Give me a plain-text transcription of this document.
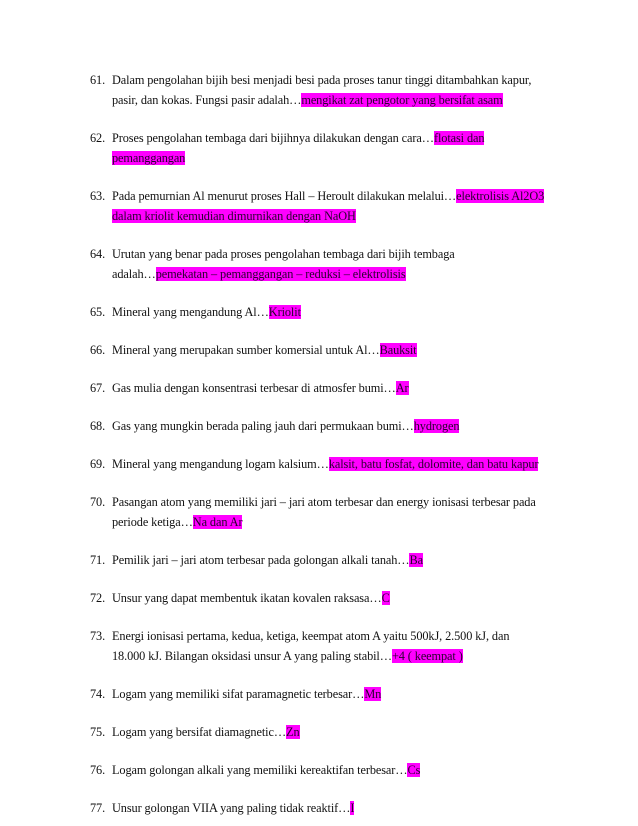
61. Dalam pengolahan bijih besi menjadi besi pada proses tanur tinggi ditambahkan kapur,
pasir, dan kokas. Fungsi pasir adalah…mengikat zat pengotor yang bersifat asam
62. Proses pengolahan tembaga dari bijihnya dilakukan dengan cara…flotasi dan
pemanggangan
63. Pada pemurnian Al menurut proses Hall – Heroult dilakukan melalui…elektrolisis Al2O3
dalam kriolit kemudian dimurnikan dengan NaOH
64. Urutan yang benar pada proses pengolahan tembaga dari bijih tembaga
adalah…pemekatan – pemanggangan – reduksi – elektrolisis
65. Mineral yang mengandung Al…Kriolit
66. Mineral yang merupakan sumber komersial untuk Al…Bauksit
67. Gas mulia dengan konsentrasi terbesar di atmosfer bumi…Ar
68. Gas yang mungkin berada paling jauh dari permukaan bumi…hydrogen
69. Mineral yang mengandung logam kalsium…kalsit, batu fosfat, dolomite, dan batu kapur
70. Pasangan atom yang memiliki jari – jari atom terbesar dan energy ionisasi terbesar pada
periode ketiga…Na dan Ar
71. Pemilik jari – jari atom terbesar pada golongan alkali tanah…Ba
72. Unsur yang dapat membentuk ikatan kovalen raksasa…C
73. Energi ionisasi pertama, kedua, ketiga, keempat atom A yaitu 500kJ, 2.500 kJ, dan
18.000 kJ. Bilangan oksidasi unsur A yang paling stabil…+4 ( keempat )
74. Logam yang memiliki sifat paramagnetic terbesar…Mn
75. Logam yang bersifat diamagnetic…Zn
76. Logam golongan alkali yang memiliki kereaktifan terbesar…Cs
77. Unsur golongan VIIA yang paling tidak reaktif…I
